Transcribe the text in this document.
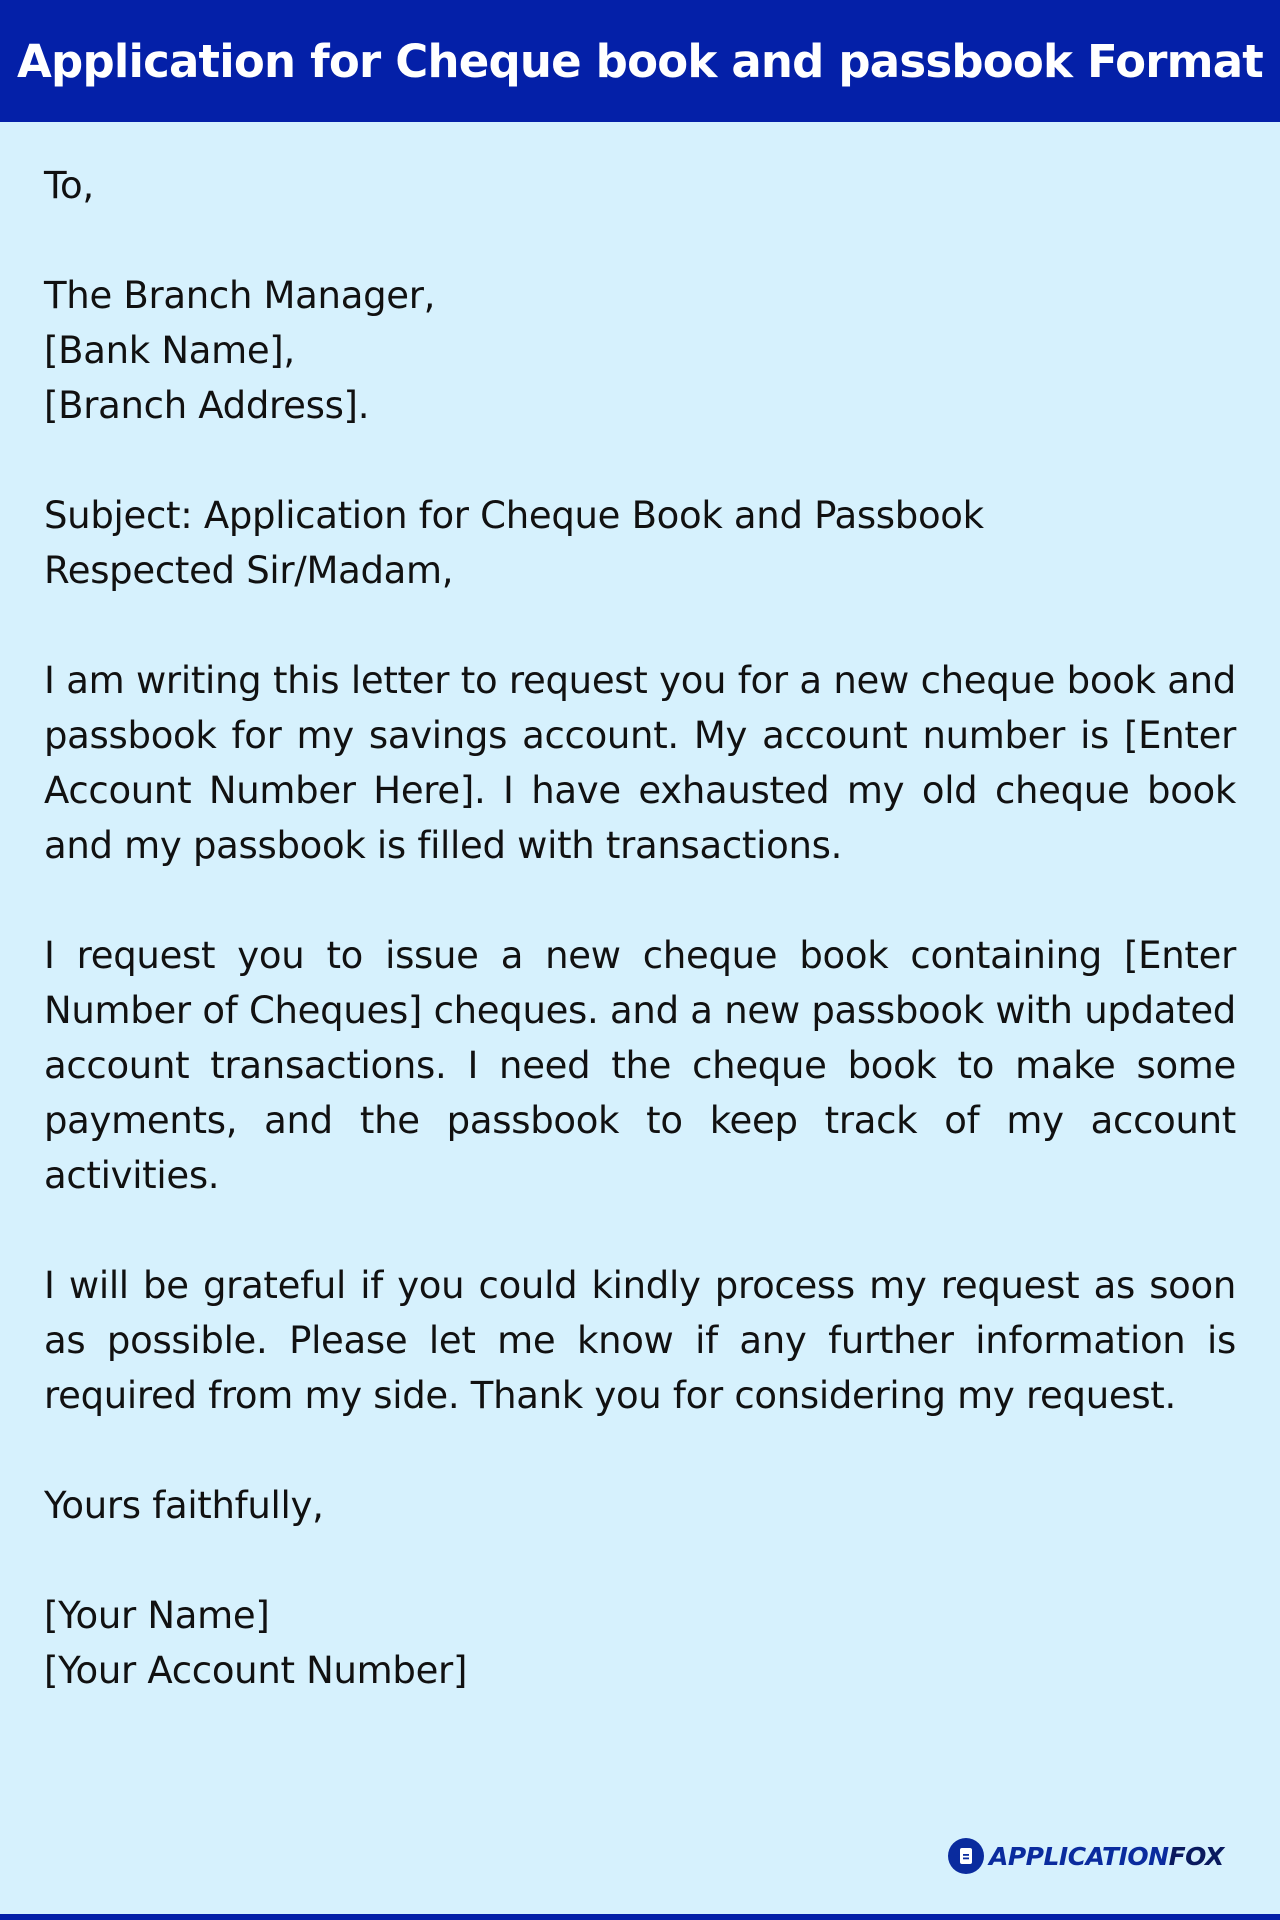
Application for Cheque book and passbook Format

To,

The Branch Manager,

[Bank Name],

[Branch Address].

Subject: Application for Cheque Book and Passbook

Respected Sir/Madam,

I am writing this letter to request you for a new cheque book and passbook for my savings account. My account number is [Enter Account Number Here]. I have exhausted my old cheque book and my passbook is filled with transactions.

I request you to issue a new cheque book containing [Enter Number of Cheques] cheques. and a new passbook with updated account transactions. I need the cheque book to make some payments, and the passbook to keep track of my account activities.

I will be grateful if you could kindly process my request as soon as possible. Please let me know if any further information is required from my side. Thank you for considering my request.

Yours faithfully,

[Your Name]

[Your Account Number]

APPLICATIONFOX
